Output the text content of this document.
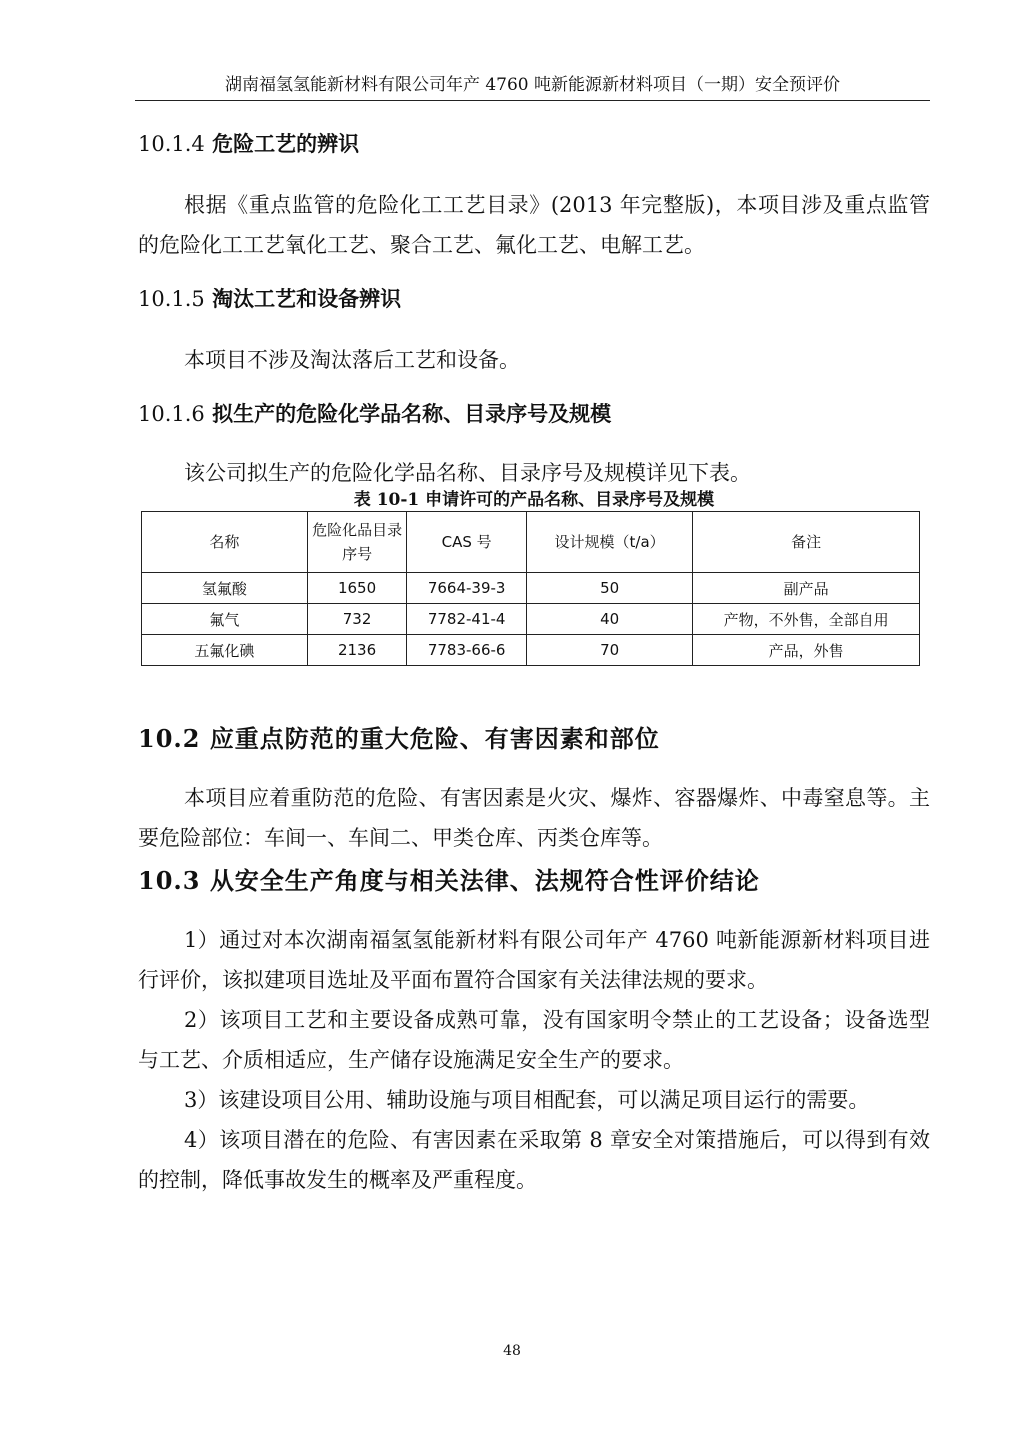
湖南福氢氢能新材料有限公司年产 4760 吨新能源新材料项目（一期）安全预评价
10.1.4 危险工艺的辨识

根据《重点监管的危险化工工艺目录》(2013 年完整版)，本项目涉及重点监管的危险化工工艺氧化工艺、聚合工艺、氟化工艺、电解工艺。

10.1.5 淘汰工艺和设备辨识

本项目不涉及淘汰落后工艺和设备。

10.1.6 拟生产的危险化学品名称、目录序号及规模

该公司拟生产的危险化学品名称、目录序号及规模详见下表。

表 10-1 申请许可的产品名称、目录序号及规模

名称	危险化品目录序号	CAS 号	设计规模（t/a）	备注
氢氟酸	1650	7664-39-3	50	副产品
氟气	732	7782-41-4	40	产物，不外售，全部自用
五氟化碘	2136	7783-66-6	70	产品，外售
10.2 应重点防范的重大危险、有害因素和部位

本项目应着重防范的危险、有害因素是火灾、爆炸、容器爆炸、中毒窒息等。主要危险部位：车间一、车间二、甲类仓库、丙类仓库等。

10.3 从安全生产角度与相关法律、法规符合性评价结论

1）通过对本次湖南福氢氢能新材料有限公司年产 4760 吨新能源新材料项目进行评价，该拟建项目选址及平面布置符合国家有关法律法规的要求。

2）该项目工艺和主要设备成熟可靠，没有国家明令禁止的工艺设备；设备选型与工艺、介质相适应，生产储存设施满足安全生产的要求。

3）该建设项目公用、辅助设施与项目相配套，可以满足项目运行的需要。

4）该项目潜在的危险、有害因素在采取第 8 章安全对策措施后，可以得到有效的控制，降低事故发生的概率及严重程度。

48
